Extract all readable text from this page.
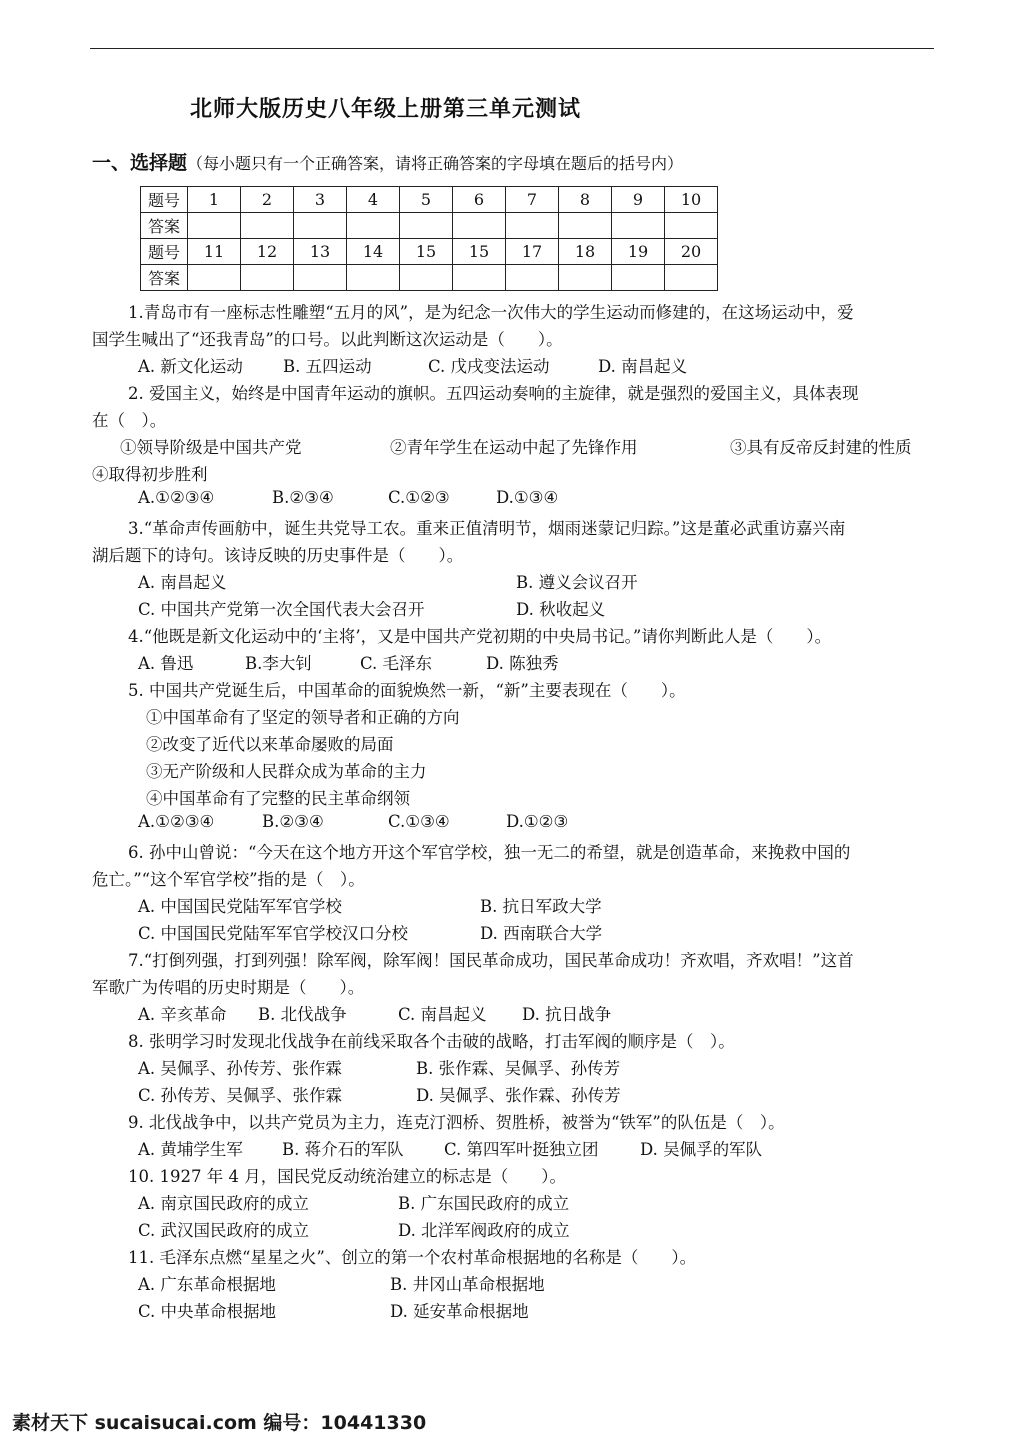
北师大版历史八年级上册第三单元测试
一、选择题（每小题只有一个正确答案，请将正确答案的字母填在题后的括号内）
题号	1	2	3	4	5	6	7	8	9	10
答案										
题号	11	12	13	14	15	15	17	18	19	20
答案										
1.青岛市有一座标志性雕塑“五月的风”，是为纪念一次伟大的学生运动而修建的，在这场运动中，爱
国学生喊出了“还我青岛”的口号。以此判断这次运动是（　　）。
A. 新文化运动 B. 五四运动	C. 戊戌变法运动	D. 南昌起义
2. 爱国主义，始终是中国青年运动的旗帜。五四运动奏响的主旋律，就是强烈的爱国主义，具体表现
在（　）。
①领导阶级是中国共产党	②青年学生在运动中起了先锋作用	③具有反帝反封建的性质
④取得初步胜利
A.①②③④	B.②③④	C.①②③	D.①③④
3.“革命声传画舫中，诞生共党导工农。重来正值清明节，烟雨迷蒙记归踪。”这是董必武重访嘉兴南
湖后题下的诗句。该诗反映的历史事件是（　　）。
A. 南昌起义	B. 遵义会议召开
C. 中国共产党第一次全国代表大会召开	D. 秋收起义
4.“他既是新文化运动中的‘主将’，又是中国共产党初期的中央局书记。”请你判断此人是（　　）。
A. 鲁迅	B.李大钊	C. 毛泽东	D. 陈独秀
5. 中国共产党诞生后，中国革命的面貌焕然一新，“新”主要表现在（　　）。
①中国革命有了坚定的领导者和正确的方向
②改变了近代以来革命屡败的局面
③无产阶级和人民群众成为革命的主力
④中国革命有了完整的民主革命纲领
A.①②③④	B.②③④	C.①③④	D.①②③
6. 孙中山曾说：“今天在这个地方开这个军官学校，独一无二的希望，就是创造革命，来挽救中国的
危亡。”“这个军官学校”指的是（　）。
A. 中国国民党陆军军官学校	B. 抗日军政大学
C. 中国国民党陆军军官学校汉口分校	D. 西南联合大学
7.“打倒列强，打到列强！除军阀，除军阀！国民革命成功，国民革命成功！齐欢唱，齐欢唱！”这首
军歌广为传唱的历史时期是（　　）。
A. 辛亥革命 B. 北伐战争	C. 南昌起义 D. 抗日战争
8. 张明学习时发现北伐战争在前线采取各个击破的战略，打击军阀的顺序是（　）。
A. 吴佩孚、孙传芳、张作霖	B. 张作霖、吴佩孚、孙传芳
C. 孙传芳、吴佩孚、张作霖	D. 吴佩孚、张作霖、孙传芳
9. 北伐战争中，以共产党员为主力，连克汀泗桥、贺胜桥，被誉为“铁军”的队伍是（　）。
A. 黄埔学生军 B. 蒋介石的军队 C. 第四军叶挺独立团	D. 吴佩孚的军队
10. 1927 年 4 月，国民党反动统治建立的标志是（　　）。
A. 南京国民政府的成立	B. 广东国民政府的成立
C. 武汉国民政府的成立	D. 北洋军阀政府的成立
11. 毛泽东点燃“星星之火”、创立的第一个农村革命根据地的名称是（　　）。
A. 广东革命根据地	B. 井冈山革命根据地
C. 中央革命根据地	D. 延安革命根据地
素材天下 sucaisucai.com 编号：10441330
